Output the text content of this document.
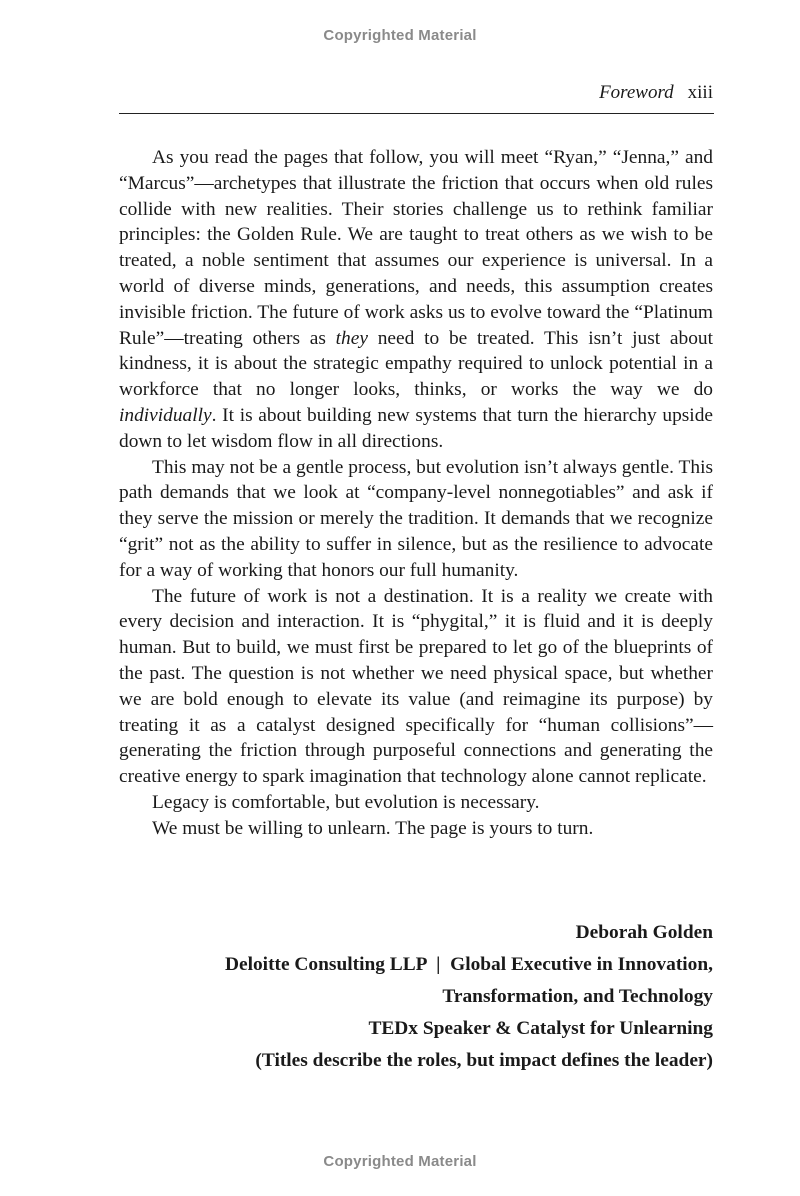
Copyrighted Material
Foreword xiii

As you read the pages that follow, you will meet “Ryan,” “Jenna,” and “Marcus”—archetypes that illustrate the friction that occurs when old rules collide with new realities. Their stories challenge us to rethink familiar principles: the Golden Rule. We are taught to treat others as we wish to be treated, a noble sentiment that assumes our experience is universal. In a world of diverse minds, generations, and needs, this assumption creates invisible friction. The future of work asks us to evolve toward the “Platinum Rule”—treating others as they need to be treated. This isn’t just about kindness, it is about the strategic empathy required to unlock potential in a workforce that no longer looks, thinks, or works the way we do individually. It is about building new systems that turn the hierarchy upside down to let wisdom flow in all directions.

This may not be a gentle process, but evolution isn’t always gentle. This path demands that we look at “company-level nonnegotiables” and ask if they serve the mission or merely the tradition. It demands that we recognize “grit” not as the ability to suffer in silence, but as the resilience to advocate for a way of working that honors our full humanity.

The future of work is not a destination. It is a reality we create with every decision and interaction. It is “phygital,” it is fluid and it is deeply human. But to build, we must first be prepared to let go of the blueprints of the past. The question is not whether we need physical space, but whether we are bold enough to elevate its value (and reimagine its purpose) by treating it as a catalyst designed specifically for “human collisions”—generating the friction through purposeful connections and generating the creative energy to spark imagination that technology alone cannot replicate.

Legacy is comfortable, but evolution is necessary.

We must be willing to unlearn. The page is yours to turn.

Deborah Golden
Deloitte Consulting LLP  |  Global Executive in Innovation,
Transformation, and Technology
TEDx Speaker & Catalyst for Unlearning
(Titles describe the roles, but impact defines the leader)
Copyrighted Material
